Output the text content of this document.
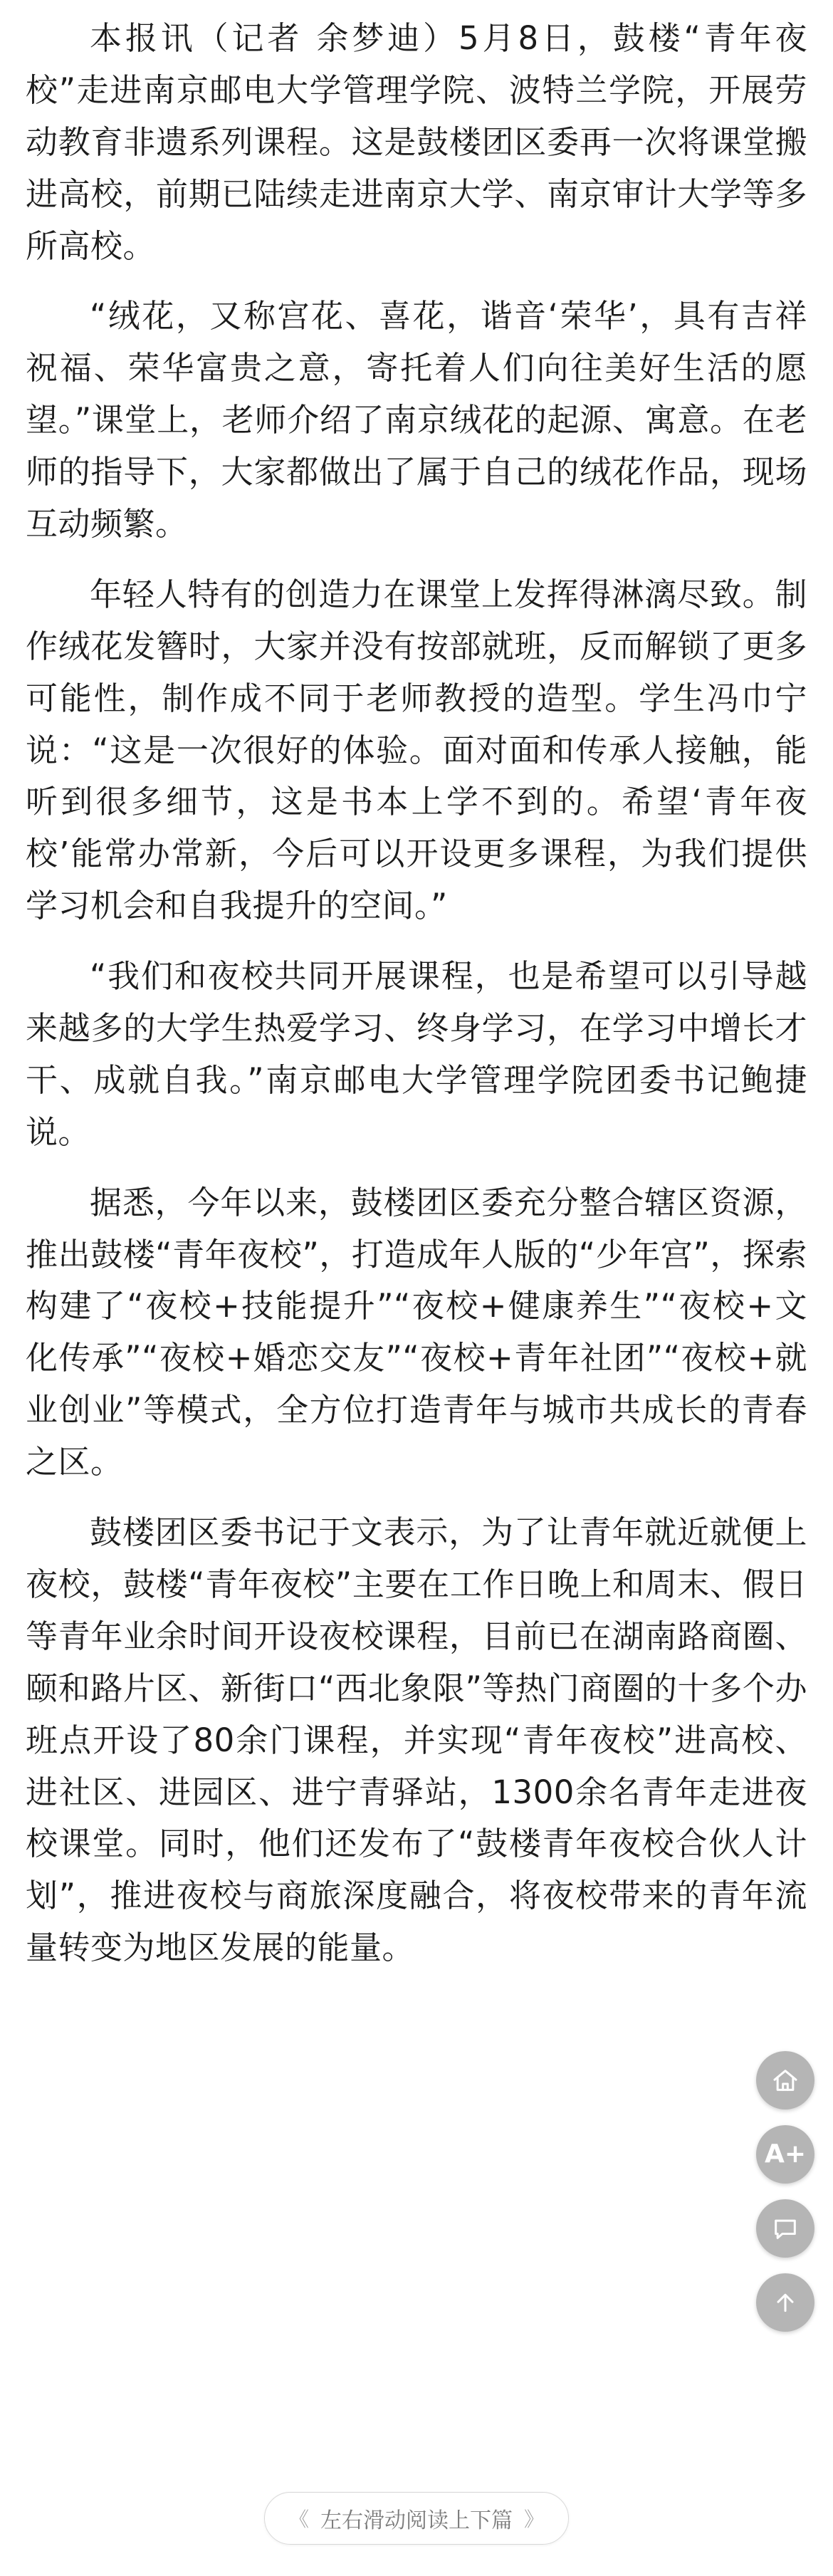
本报讯（记者 余梦迪）5月8日，鼓楼“青年夜校”走进南京邮电大学管理学院、波特兰学院，开展劳动教育非遗系列课程。这是鼓楼团区委再一次将课堂搬进高校，前期已陆续走进南京大学、南京审计大学等多所高校。

“绒花，又称宫花、喜花，谐音‘荣华’，具有吉祥祝福、荣华富贵之意，寄托着人们向往美好生活的愿望。”课堂上，老师介绍了南京绒花的起源、寓意。在老师的指导下，大家都做出了属于自己的绒花作品，现场互动频繁。

年轻人特有的创造力在课堂上发挥得淋漓尽致。制作绒花发簪时，大家并没有按部就班，反而解锁了更多可能性，制作成不同于老师教授的造型。学生冯巾宁说：“这是一次很好的体验。面对面和传承人接触，能听到很多细节，这是书本上学不到的。希望‘青年夜校’能常办常新，今后可以开设更多课程，为我们提供学习机会和自我提升的空间。”

“我们和夜校共同开展课程，也是希望可以引导越来越多的大学生热爱学习、终身学习，在学习中增长才干、成就自我。”南京邮电大学管理学院团委书记鲍捷说。

据悉，今年以来，鼓楼团区委充分整合辖区资源，推出鼓楼“青年夜校”，打造成年人版的“少年宫”，探索构建了“夜校+技能提升”“夜校+健康养生”“夜校+文化传承”“夜校+婚恋交友”“夜校+青年社团”“夜校+就业创业”等模式，全方位打造青年与城市共成长的青春之区。

鼓楼团区委书记于文表示，为了让青年就近就便上夜校，鼓楼“青年夜校”主要在工作日晚上和周末、假日等青年业余时间开设夜校课程，目前已在湖南路商圈、颐和路片区、新街口“西北象限”等热门商圈的十多个办班点开设了80余门课程，并实现“青年夜校”进高校、进社区、进园区、进宁青驿站，1300余名青年走进夜校课堂。同时，他们还发布了“鼓楼青年夜校合伙人计划”，推进夜校与商旅深度融合，将夜校带来的青年流量转变为地区发展的能量。

A+
《 左右滑动阅读上下篇 》
